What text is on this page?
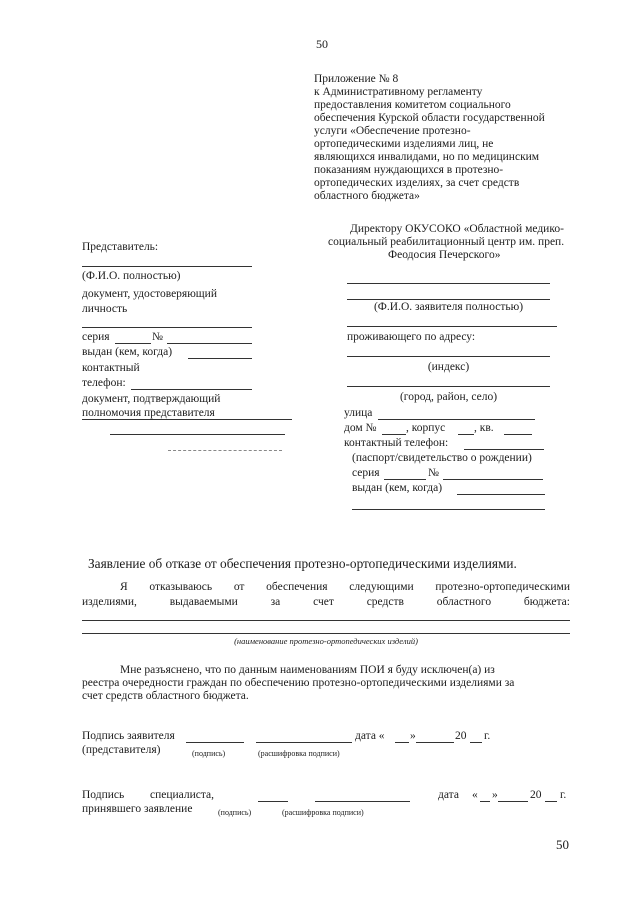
50
Приложение № 8
к Административному регламенту
предоставления комитетом социального
обеспечения Курской области государственной
услуги «Обеспечение протезно-
ортопедическими изделиями лиц, не
являющихся инвалидами, но по медицинским
показаниям нуждающихся в протезно-
ортопедических изделиях, за счет средств
областного бюджета»
Директору ОКУСОКО «Областной медико-
социальный реабилитационный центр им. преп.
Феодосия Печерского»
Представитель:
(Ф.И.О. полностью)
документ, удостоверяющий
личность
серия	№
выдан (кем, когда)
контактный
телефон:
документ, подтверждающий
полномочия представителя
(Ф.И.О. заявителя полностью)
проживающего по адресу:
(индекс)
(город, район, село)
улица
дом №	, корпус , кв.
контактный телефон:
(паспорт/свидетельство о рождении)
серия	№
выдан (кем, когда)
Заявление об отказе от обеспечения протезно-ортопедическими изделиями.
Я отказываюсь от обеспечения следующими протезно-ортопедическими
изделиями,	выдаваемыми	за	счет	средств	областного	бюджета:
(наименование протезно-ортопедических изделий)
Мне разъяснено, что по данным наименованиям ПОИ я буду исключен(а) из
реестра очередности граждан по обеспечению протезно-ортопедическими изделиями за
счет средств областного бюджета.
Подпись заявителя	дата « »	20 г.
(представителя)	(подпись)	(расшифровка подписи)
Подпись специалиста,	дата « »	20 г.
принявшего заявление	(подпись)	(расшифровка подписи)
50
